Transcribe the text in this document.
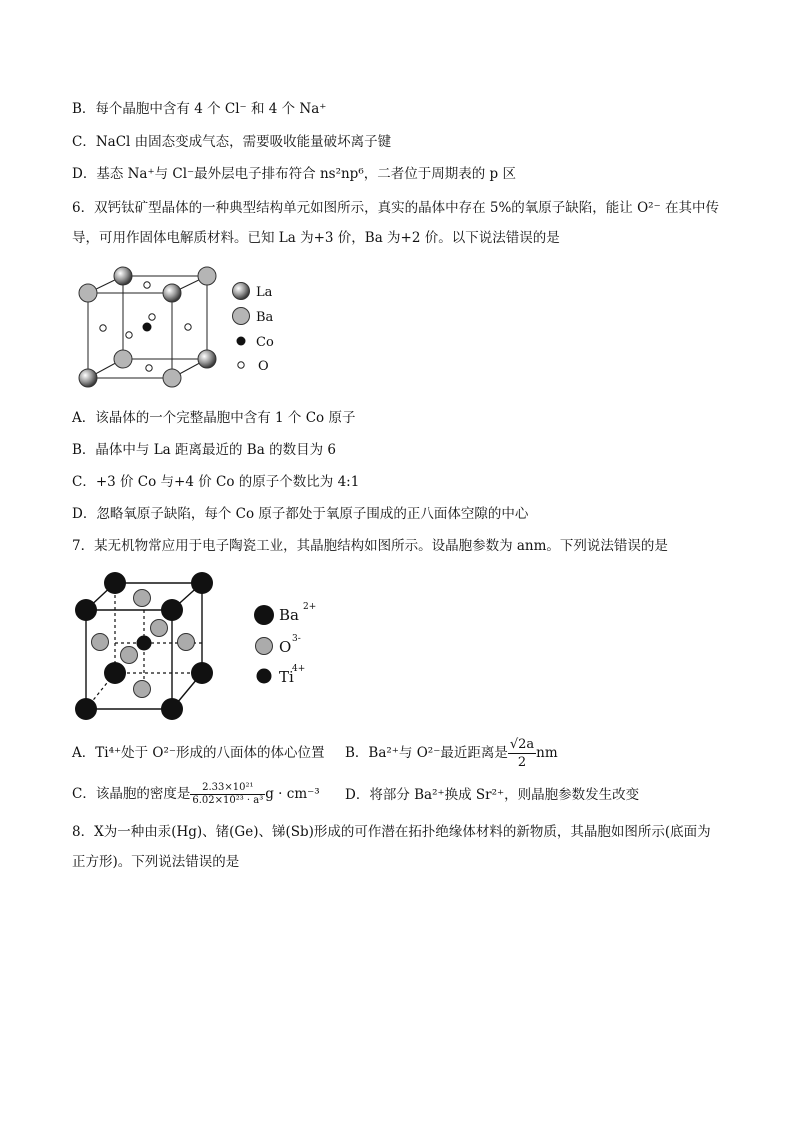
B．每个晶胞中含有 4 个 Cl⁻ 和 4 个 Na⁺
C．NaCl 由固态变成气态，需要吸收能量破坏离子键
D．基态 Na⁺与 Cl⁻最外层电子排布符合 ns²np⁶，二者位于周期表的 p 区
6．双钙钛矿型晶体的一种典型结构单元如图所示，真实的晶体中存在 5%的氧原子缺陷，能让 O²⁻ 在其中传导，可用作固体电解质材料。已知 La 为+3 价，Ba 为+2 价。以下说法错误的是
La
Ba
Co
O
A．该晶体的一个完整晶胞中含有 1 个 Co 原子
B．晶体中与 La 距离最近的 Ba 的数目为 6
C．+3 价 Co 与+4 价 Co 的原子个数比为 4:1
D．忽略氧原子缺陷，每个 Co 原子都处于氧原子围成的正八面体空隙的中心
7．某无机物常应用于电子陶瓷工业，其晶胞结构如图所示。设晶胞参数为 anm。下列说法错误的是
Ba 2+
O 3-
Ti
4+
A．Ti⁴⁺处于 O²⁻形成的八面体的体心位置 B．Ba²⁺与 O²⁻最近距离是 $\frac{√2a}{2}$ nm
C．该晶胞的密度是 $\frac{\text{2.33×10²¹}}{\text{6.02×10²³ · a³}}$ g · cm⁻³ D．将部分 Ba²⁺换成 Sr²⁺，则晶胞参数发生改变
8．X为一种由汞(Hg)、锗(Ge)、锑(Sb)形成的可作潜在拓扑绝缘体材料的新物质，其晶胞如图所示(底面为正方形)。下列说法错误的是
